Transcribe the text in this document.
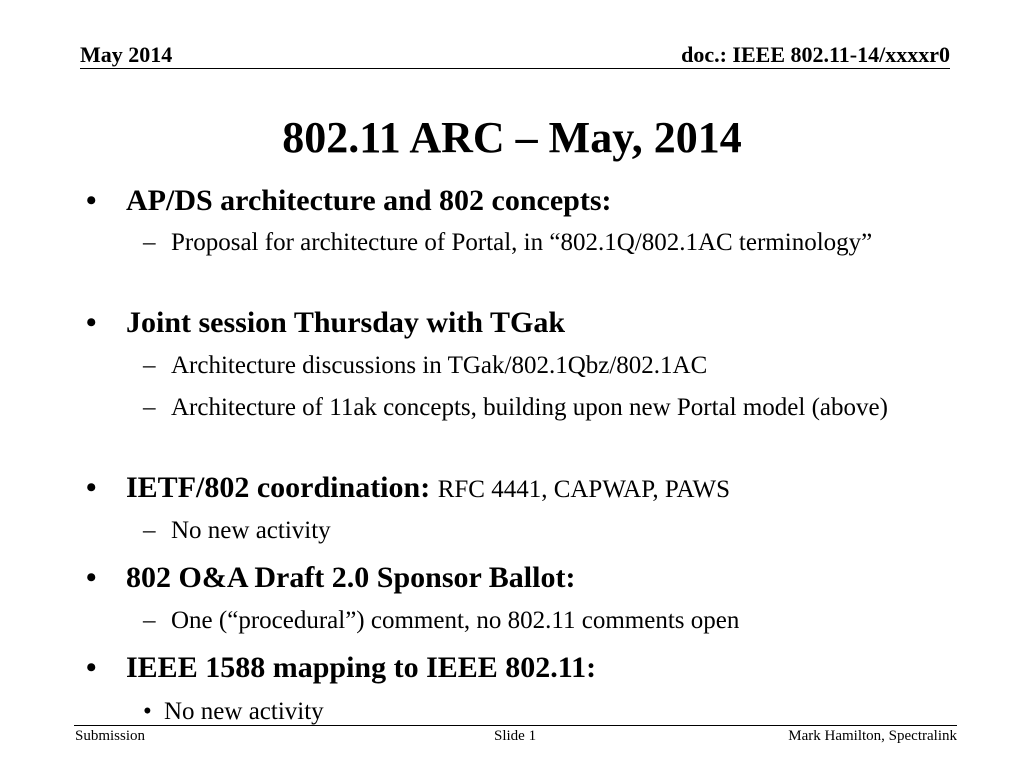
May 2014	doc.: IEEE 802.11-14/xxxxr0
802.11 ARC – May, 2014
• AP/DS architecture and 802 concepts:
– Proposal for architecture of Portal, in “802.1Q/802.1AC terminology”
• Joint session Thursday with TGak
– Architecture discussions in TGak/802.1Qbz/802.1AC
– Architecture of 11ak concepts, building upon new Portal model (above)
• IETF/802 coordination: RFC 4441, CAPWAP, PAWS
– No new activity
• 802 O&A Draft 2.0 Sponsor Ballot:
– One (“procedural”) comment, no 802.11 comments open
• IEEE 1588 mapping to IEEE 802.11:
• No new activity
Submission	Slide 1	Mark Hamilton, Spectralink
